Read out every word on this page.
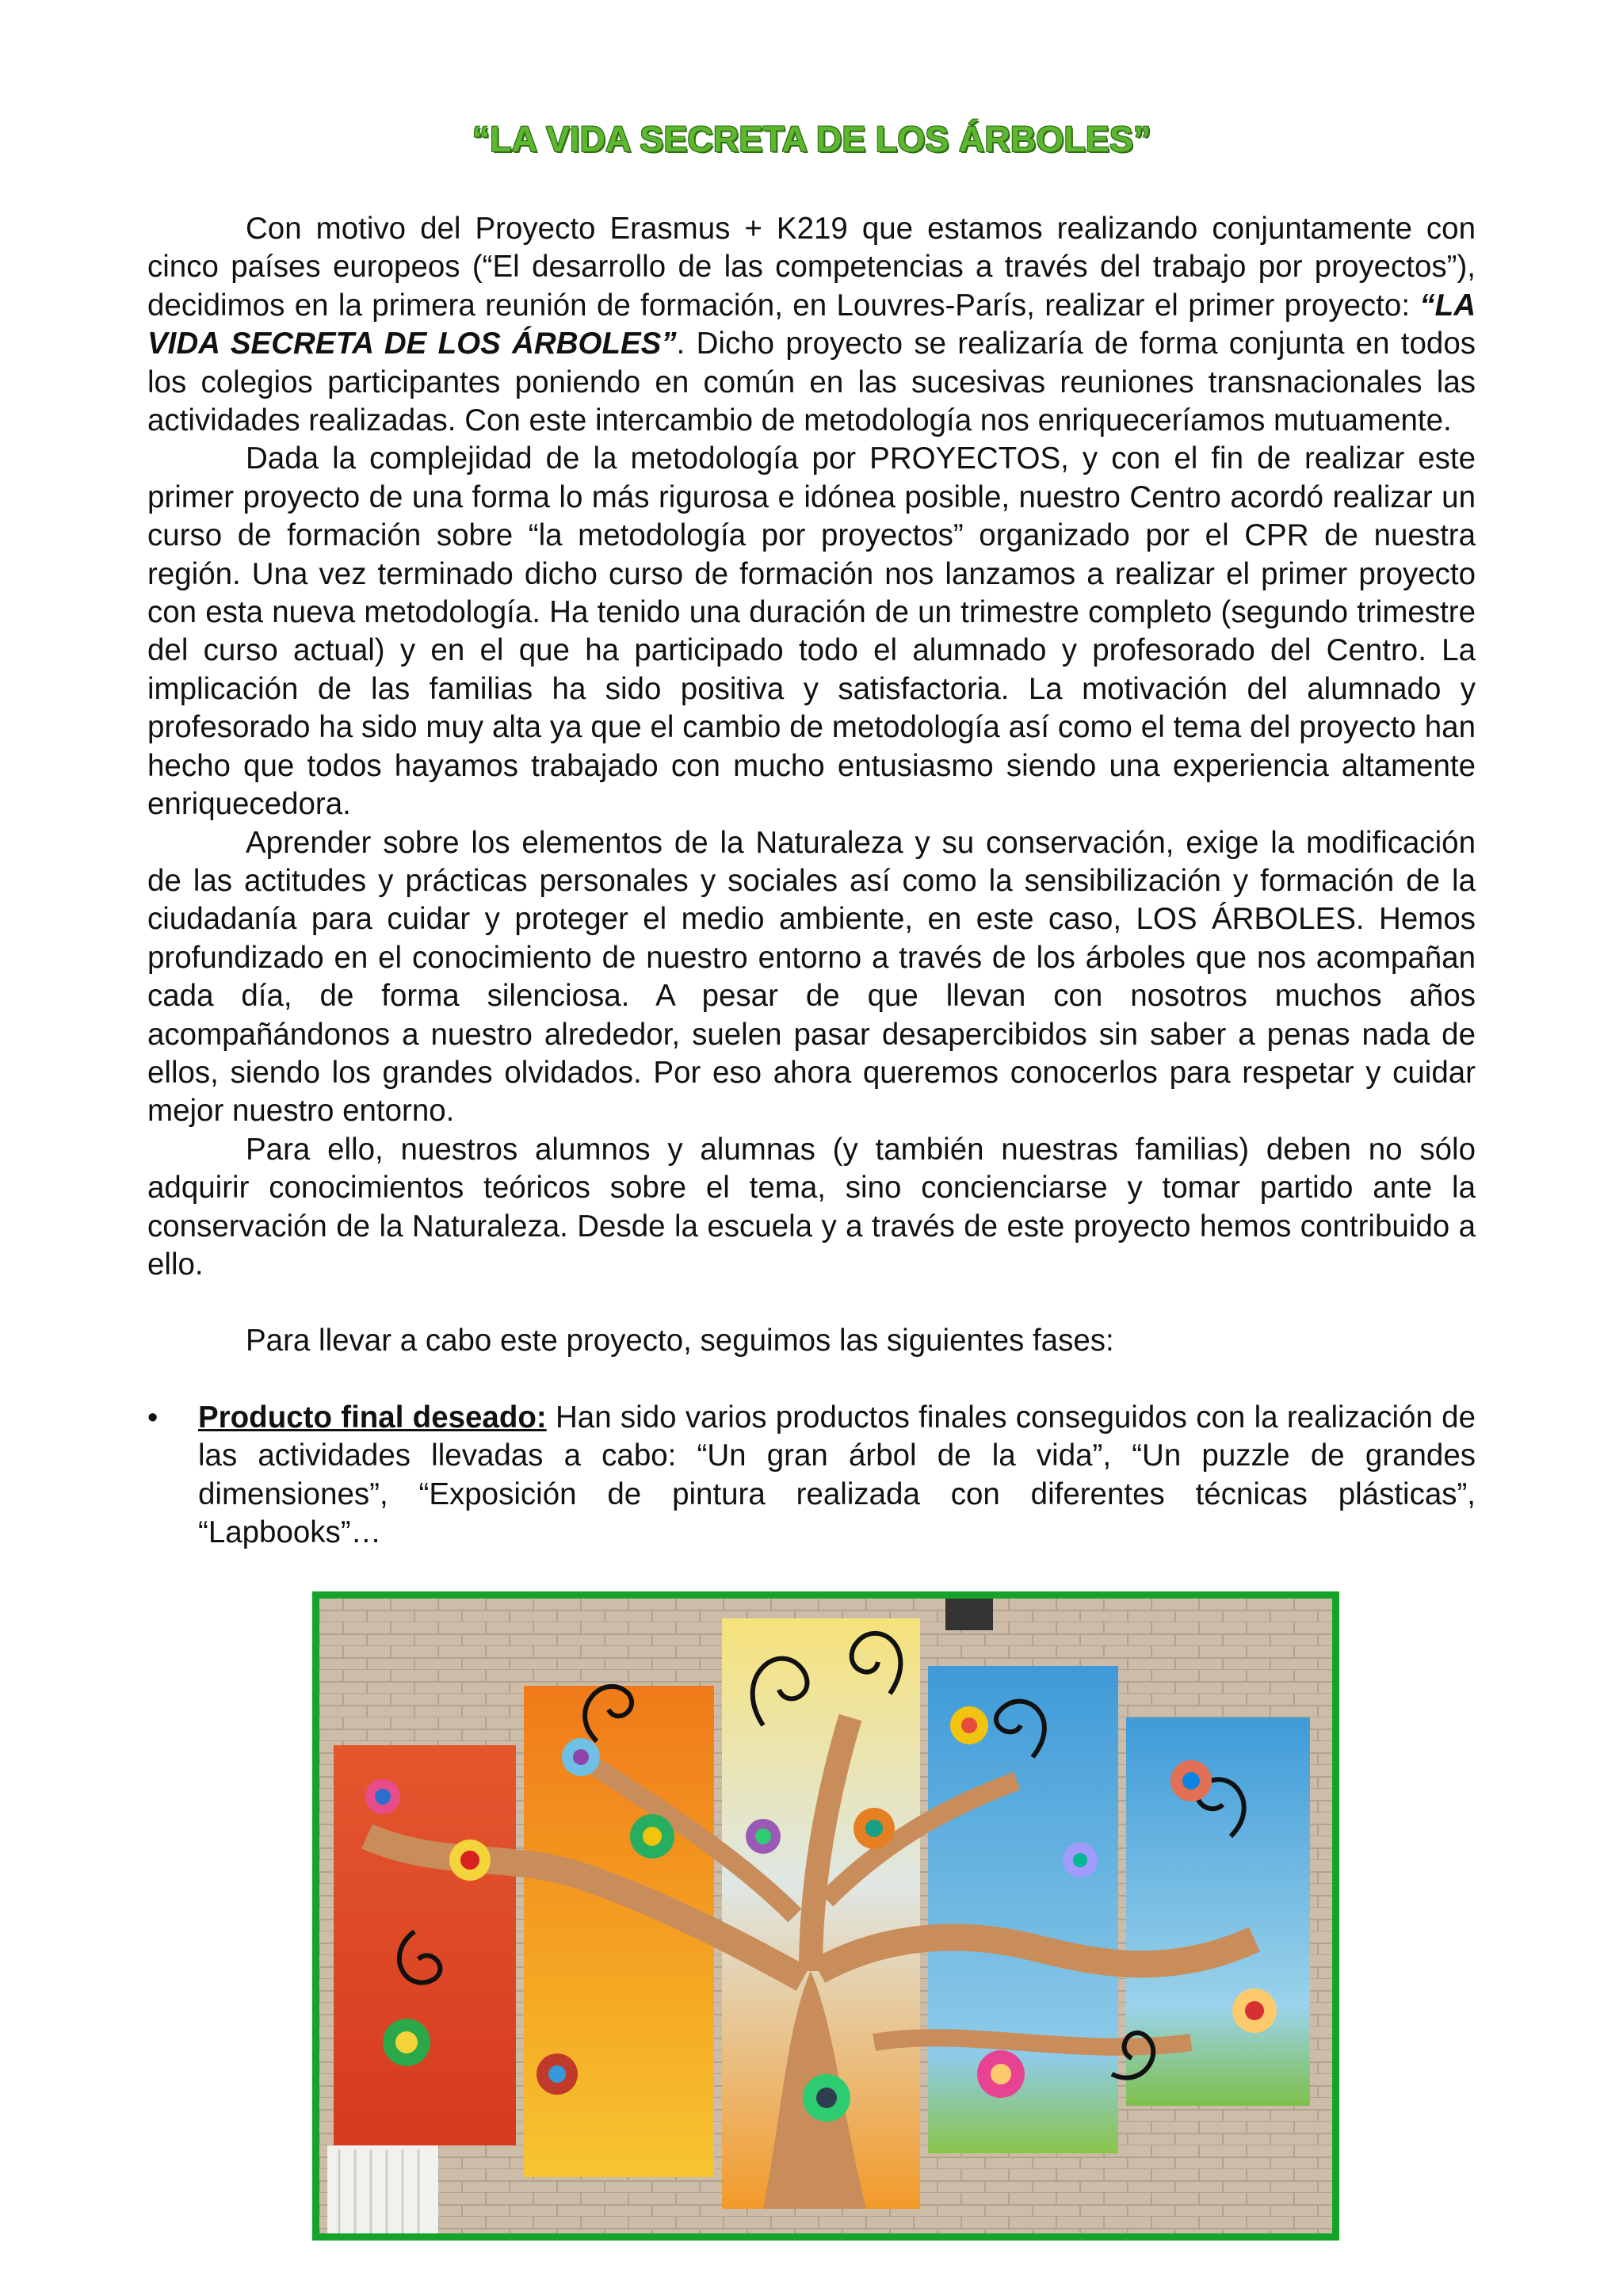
“LA VIDA SECRETA DE LOS ÁRBOLES”

Con motivo del Proyecto Erasmus + K219 que estamos realizando conjuntamente con cinco países europeos (“El desarrollo de las competencias a través del trabajo por proyectos”), decidimos en la primera reunión de formación, en Louvres-París, realizar el primer proyecto: “LA VIDA SECRETA DE LOS ÁRBOLES”. Dicho proyecto se realizaría de forma conjunta en todos los colegios participantes poniendo en común en las sucesivas reuniones transnacionales las actividades realizadas. Con este intercambio de metodología nos enriqueceríamos mutuamente.

Dada la complejidad de la metodología por PROYECTOS, y con el fin de realizar este primer proyecto de una forma lo más rigurosa e idónea posible, nuestro Centro acordó realizar un curso de formación sobre “la metodología por proyectos” organizado por el CPR de nuestra región. Una vez terminado dicho curso de formación nos lanzamos a realizar el primer proyecto con esta nueva metodología. Ha tenido una duración de un trimestre completo (segundo trimestre del curso actual) y en el que ha participado todo el alumnado y profesorado del Centro. La implicación de las familias ha sido positiva y satisfactoria. La motivación del alumnado y profesorado ha sido muy alta ya que el cambio de metodología así como el tema del proyecto han hecho que todos hayamos trabajado con mucho entusiasmo siendo una experiencia altamente enriquecedora.

Aprender sobre los elementos de la Naturaleza y su conservación, exige la modificación de las actitudes y prácticas personales y sociales así como la sensibilización y formación de la ciudadanía para cuidar y proteger el medio ambiente, en este caso, LOS ÁRBOLES. Hemos profundizado en el conocimiento de nuestro entorno a través de los árboles que nos acompañan cada día, de forma silenciosa. A pesar de que llevan con nosotros muchos años acompañándonos a nuestro alrededor, suelen pasar desapercibidos sin saber a penas nada de ellos, siendo los grandes olvidados. Por eso ahora queremos conocerlos para respetar y cuidar mejor nuestro entorno.

Para ello, nuestros alumnos y alumnas (y también nuestras familias) deben no sólo adquirir conocimientos teóricos sobre el tema, sino concienciarse y tomar partido ante la conservación de la Naturaleza. Desde la escuela y a través de este proyecto hemos contribuido a ello.

Para llevar a cabo este proyecto, seguimos las siguientes fases:

• Producto final deseado: Han sido varios productos finales conseguidos con la realización de las actividades llevadas a cabo: “Un gran árbol de la vida”, “Un puzzle de grandes dimensiones”, “Exposición de pintura realizada con diferentes técnicas plásticas”, “Lapbooks”…
